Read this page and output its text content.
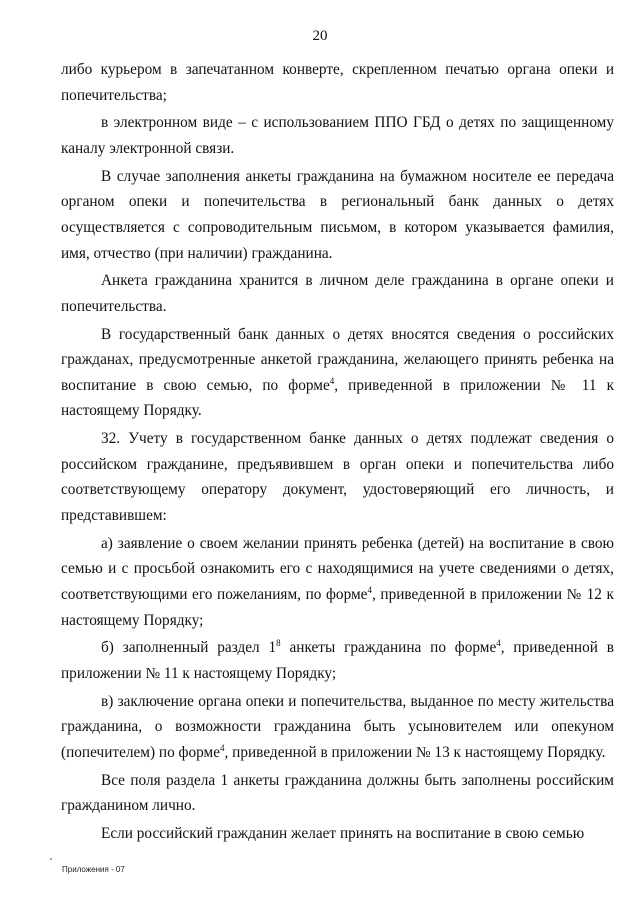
20

либо курьером в запечатанном конверте, скрепленном печатью органа опеки и попечительства;

в электронном виде – с использованием ППО ГБД о детях по защищенному каналу электронной связи.

В случае заполнения анкеты гражданина на бумажном носителе ее передача органом опеки и попечительства в региональный банк данных о детях осуществляется с сопроводительным письмом, в котором указывается фамилия, имя, отчество (при наличии) гражданина.

Анкета гражданина хранится в личном деле гражданина в органе опеки и попечительства.

В государственный банк данных о детях вносятся сведения о российских гражданах, предусмотренные анкетой гражданина, желающего принять ребенка на воспитание в свою семью, по форме$^4$, приведенной в приложении № 11 к настоящему Порядку.

32. Учету в государственном банке данных о детях подлежат сведения о российском гражданине, предъявившем в орган опеки и попечительства либо соответствующему оператору документ, удостоверяющий его личность, и представившем:

а) заявление о своем желании принять ребенка (детей) на воспитание в свою семью и с просьбой ознакомить его с находящимися на учете сведениями о детях, соответствующими его пожеланиям, по форме$^4$, приведенной в приложении № 12 к настоящему Порядку;

б) заполненный раздел $1^8$ анкеты гражданина по форме$^4$, приведенной в приложении № 11 к настоящему Порядку;

в) заключение органа опеки и попечительства, выданное по месту жительства гражданина, о возможности гражданина быть усыновителем или опекуном (попечителем) по форме$^4$, приведенной в приложении № 13 к настоящему Порядку.

Все поля раздела 1 анкеты гражданина должны быть заполнены российским гражданином лично.

Если российский гражданин желает принять на воспитание в свою семью

Приложения - 07
